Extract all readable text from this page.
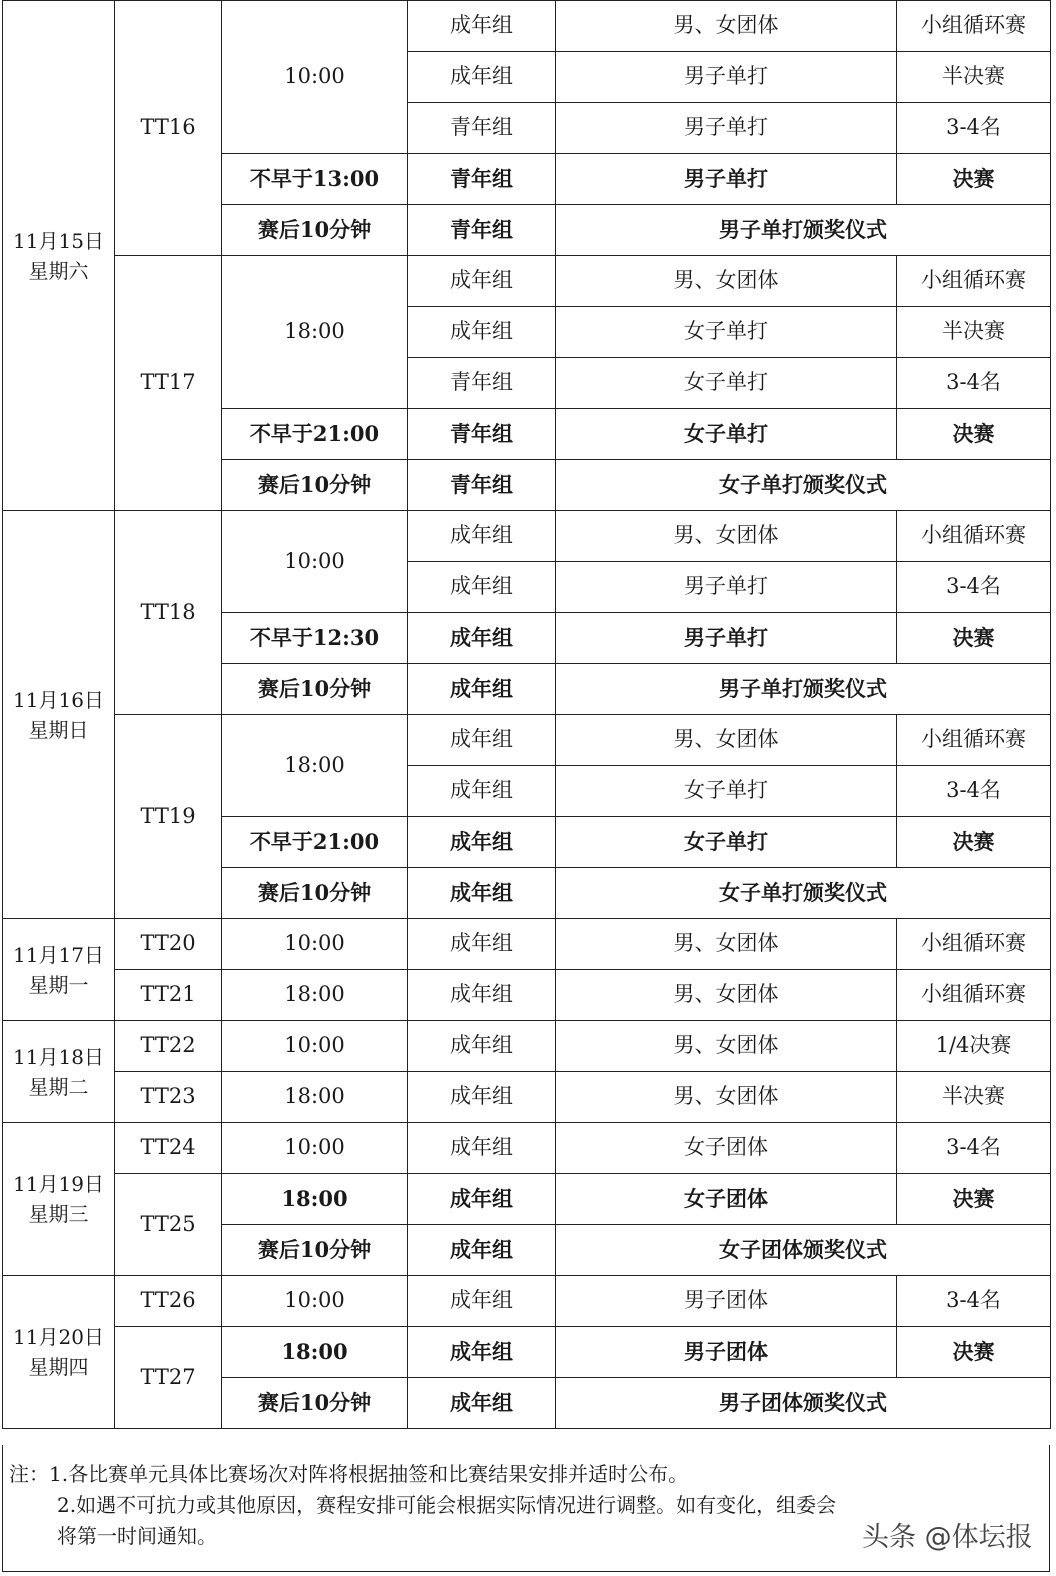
11月15日
星期六	TT16	10:00	成年组	男、女团体	小组循环赛
			成年组	男子单打	半决赛
			青年组	男子单打	3-4名
		不早于13:00	青年组	男子单打	决赛
		赛后10分钟	青年组	男子单打颁奖仪式	
	TT17	18:00	成年组	男、女团体	小组循环赛
			成年组	女子单打	半决赛
			青年组	女子单打	3-4名
		不早于21:00	青年组	女子单打	决赛
		赛后10分钟	青年组	女子单打颁奖仪式	
11月16日
星期日	TT18	10:00	成年组	男、女团体	小组循环赛
			成年组	男子单打	3-4名
		不早于12:30	成年组	男子单打	决赛
		赛后10分钟	成年组	男子单打颁奖仪式	
	TT19	18:00	成年组	男、女团体	小组循环赛
			成年组	女子单打	3-4名
		不早于21:00	成年组	女子单打	决赛
		赛后10分钟	成年组	女子单打颁奖仪式	
11月17日
星期一	TT20	10:00	成年组	男、女团体	小组循环赛
	TT21	18:00	成年组	男、女团体	小组循环赛
11月18日
星期二	TT22	10:00	成年组	男、女团体	1/4决赛
	TT23	18:00	成年组	男、女团体	半决赛
11月19日
星期三	TT24	10:00	成年组	女子团体	3-4名
	TT25	18:00	成年组	女子团体	决赛
		赛后10分钟	成年组	女子团体颁奖仪式	
11月20日
星期四	TT26	10:00	成年组	男子团体	3-4名
	TT27	18:00	成年组	男子团体	决赛
		赛后10分钟	成年组	男子团体颁奖仪式	
注：1.各比赛单元具体比赛场次对阵将根据抽签和比赛结果安排并适时公布。
2.如遇不可抗力或其他原因，赛程安排可能会根据实际情况进行调整。如有变化，组委会
将第一时间通知。	头条 @体坛报
